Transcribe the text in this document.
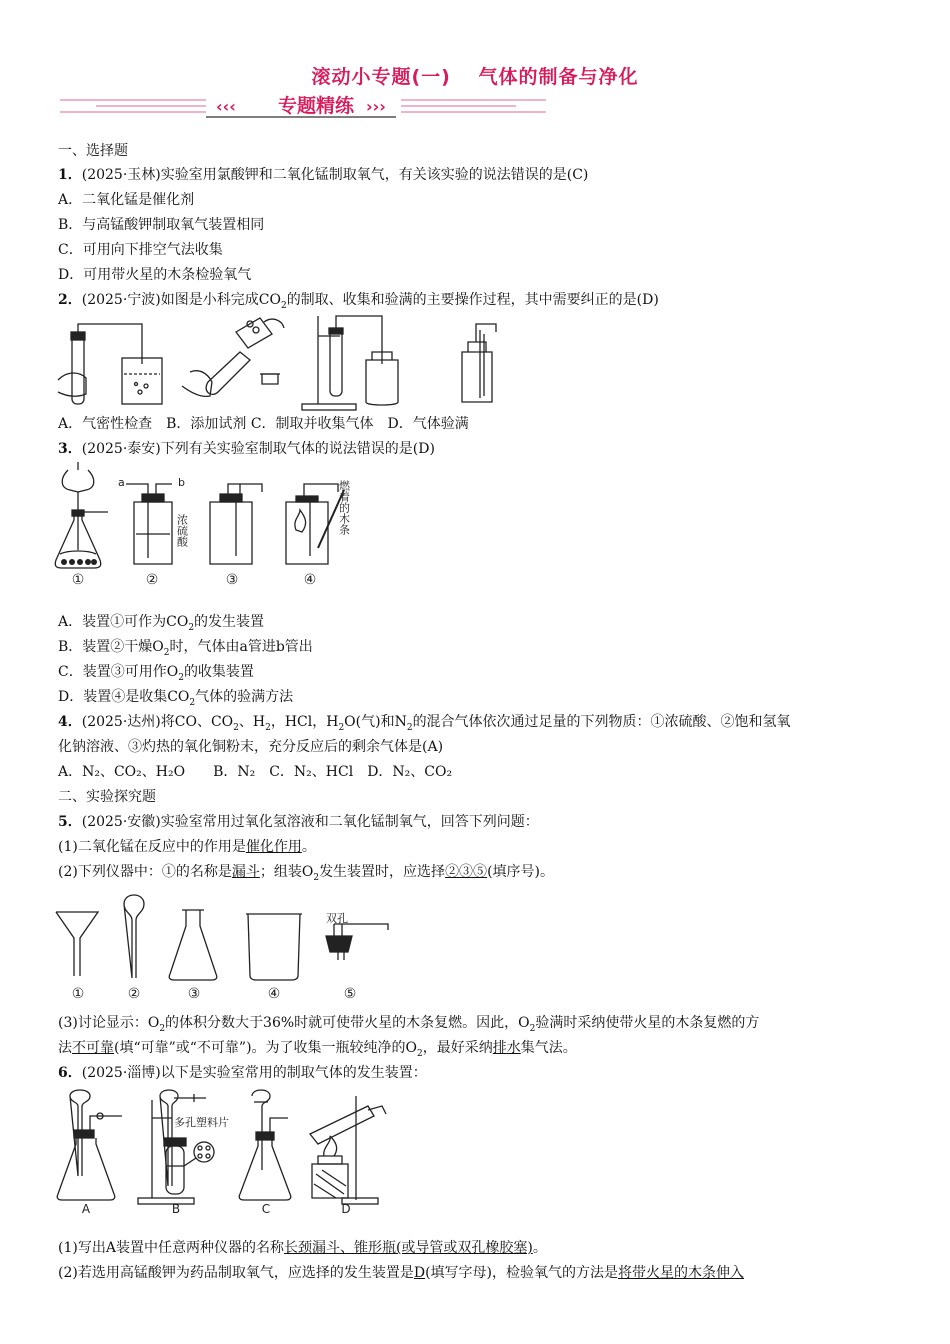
滚动小专题(一)　 气体的制备与净化
‹‹‹ 专题精练 ›››
一、选择题
1．(2025·玉林)实验室用氯酸钾和二氧化锰制取氧气，有关该实验的说法错误的是(C)
A．二氧化锰是催化剂
B．与高锰酸钾制取氧气装置相同
C．可用向下排空气法收集
D．可用带火星的木条检验氧气
2．(2025·宁波)如图是小科完成$CO_2$的制取、收集和验满的主要操作过程，其中需要纠正的是(D)
A．气密性检查　B．添加试剂 C．制取并收集气体　D．气体验满
3．(2025·泰安)下列有关实验室制取气体的说法错误的是(D)
a	b	燃着的木条
浓硫酸
①	②	③	④
A．装置①可作为$CO_2$的发生装置
B．装置②干燥$O_2$时，气体由a管进b管出
C．装置③可用作$O_2$的收集装置
D．装置④是收集$CO_2$气体的验满方法
4．(2025·达州)将CO、$CO_2$、$H_2$，HCl，$H_2O$(气)和$N_2$的混合气体依次通过足量的下列物质：①浓硫酸、②饱和氢氧
化钠溶液、③灼热的氧化铜粉末，充分反应后的剩余气体是(A)
A．N₂、CO₂、H₂O　　B．N₂　C．N₂、HCl　D．N₂、CO₂
二、实验探究题
5．(2025·安徽)实验室常用过氧化氢溶液和二氧化锰制氧气，回答下列问题：
(1)二氧化锰在反应中的作用是催化作用。
(2)下列仪器中：①的名称是漏斗；组装$O_2$发生装置时，应选择②③⑤(填序号)。
双孔
①	②	③	④	⑤
(3)讨论显示：$O_2$的体积分数大于36%时就可使带火星的木条复燃。因此，$O_2$验满时采纳使带火星的木条复燃的方
法不可靠(填“可靠”或“不可靠”)。为了收集一瓶较纯净的$O_2$，最好采纳排水集气法。
6．(2025·淄博)以下是实验室常用的制取气体的发生装置：
多孔塑料片
A	B	C	D
(1)写出A装置中任意两种仪器的名称长颈漏斗、锥形瓶(或导管或双孔橡胶塞)。
(2)若选用高锰酸钾为药品制取氧气，应选择的发生装置是D(填写字母)，检验氧气的方法是将带火星的木条伸入
